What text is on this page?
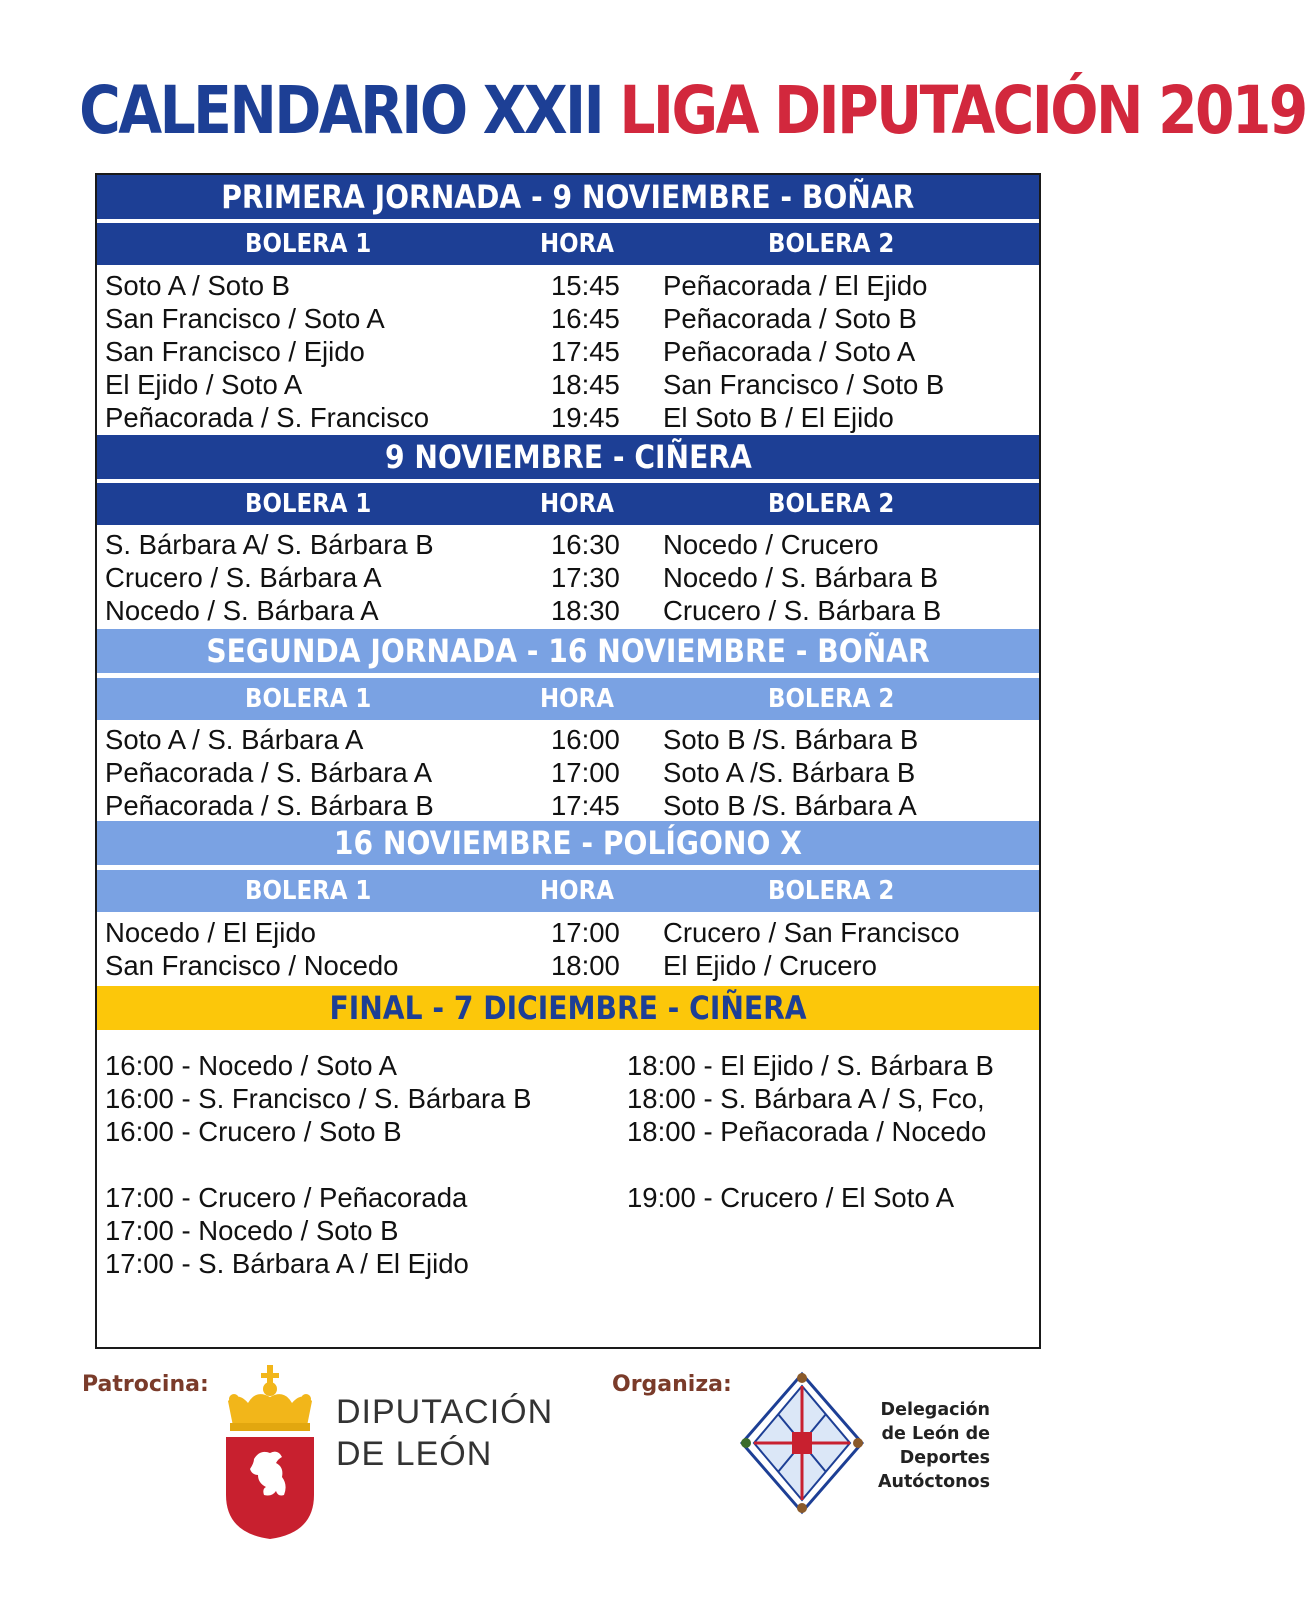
CALENDARIO XXII LIGA DIPUTACIÓN 2019
PRIMERA JORNADA - 9 NOVIEMBRE - BOÑAR
BOLERA 1	HORA	BOLERA 2
Soto A / Soto B	15:45 Peñacorada / El Ejido
San Francisco / Soto A	16:45 Peñacorada / Soto B
San Francisco / Ejido	17:45 Peñacorada / Soto A
El Ejido / Soto A	18:45 San Francisco / Soto B
Peñacorada / S. Francisco	19:45 El Soto B / El Ejido
9 NOVIEMBRE - CIÑERA
BOLERA 1	HORA	BOLERA 2
S. Bárbara A/ S. Bárbara B	16:30 Nocedo / Crucero
Crucero / S. Bárbara A	17:30 Nocedo / S. Bárbara B
Nocedo / S. Bárbara A	18:30 Crucero / S. Bárbara B
SEGUNDA JORNADA - 16 NOVIEMBRE - BOÑAR
BOLERA 1	HORA	BOLERA 2
Soto A / S. Bárbara A	16:00 Soto B /S. Bárbara B
Peñacorada / S. Bárbara A	17:00 Soto A /S. Bárbara B
Peñacorada / S. Bárbara B	17:45 Soto B /S. Bárbara A
16 NOVIEMBRE - POLÍGONO X
BOLERA 1	HORA	BOLERA 2
Nocedo / El Ejido	17:00 Crucero / San Francisco
San Francisco / Nocedo	18:00 El Ejido / Crucero
FINAL - 7 DICIEMBRE - CIÑERA
16:00 - Nocedo / Soto A
16:00 - S. Francisco / S. Bárbara B
16:00 - Crucero / Soto B
17:00 - Crucero / Peñacorada
17:00 - Nocedo / Soto B
17:00 - S. Bárbara A / El Ejido
18:00 - El Ejido / S. Bárbara B
18:00 - S. Bárbara A / S, Fco,
18:00 - Peñacorada / Nocedo
19:00 - Crucero / El Soto A
Patrocina:
DIPUTACIÓN
DE LEÓN
Organiza:
Delegación
de León de
Deportes
Autóctonos
